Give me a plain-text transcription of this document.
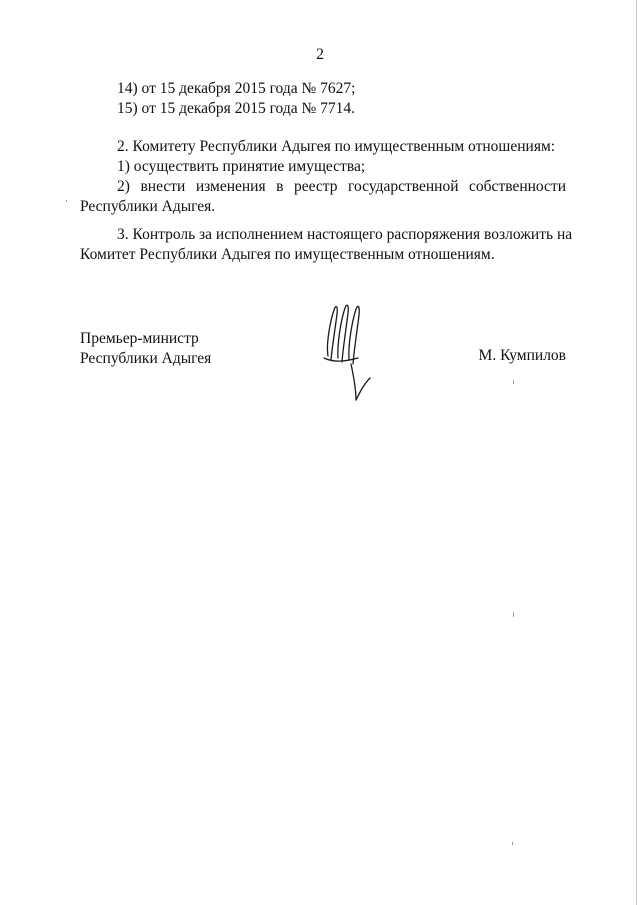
2
14) от 15 декабря 2015 года № 7627;
15) от 15 декабря 2015 года № 7714.
2. Комитету Республики Адыгея по имущественным отношениям:
1) осуществить принятие имущества;
2) внести изменения в реестр государственной собственности
Республики Адыгея.
3. Контроль за исполнением настоящего распоряжения возложить на
Комитет Республики Адыгея по имущественным отношениям.
Премьер-министр
Республики Адыгея	М. Кумпилов
